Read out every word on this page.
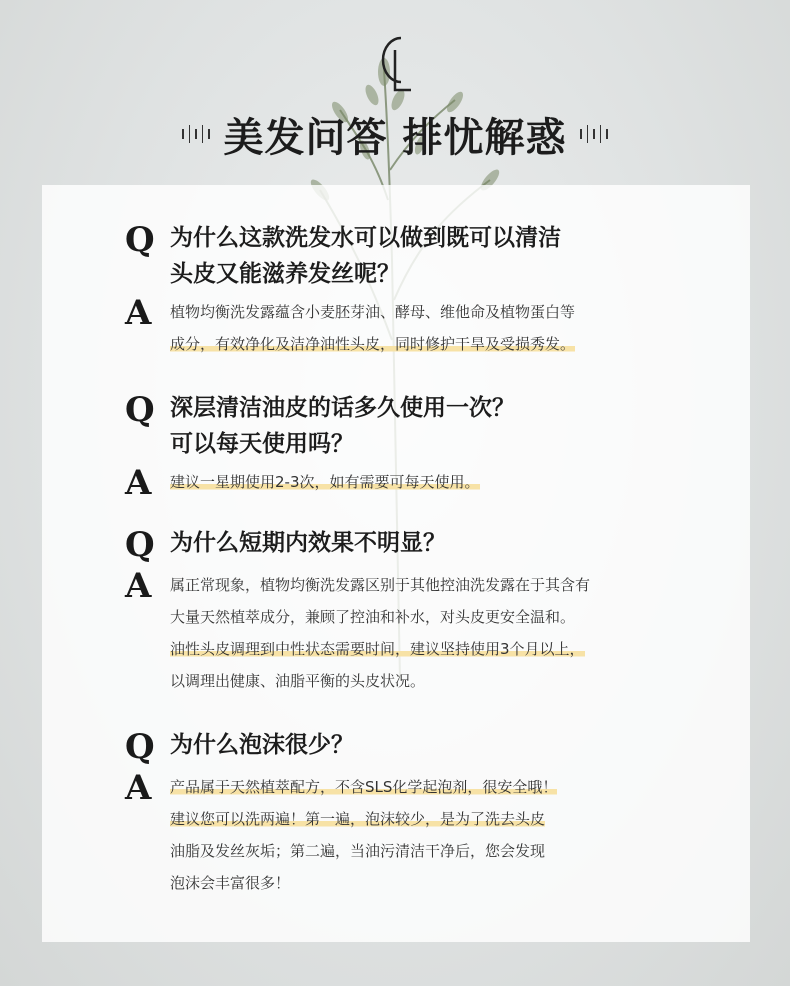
美发问答 排忧解惑
Q 为什么这款洗发水可以做到既可以清洁
头皮又能滋养发丝呢？
A	植物均衡洗发露蕴含小麦胚芽油、酵母、维他命及植物蛋白等
成分，有效净化及洁净油性头皮，同时修护干旱及受损秀发。
Q 深层清洁油皮的话多久使用一次？
可以每天使用吗？
A	建议一星期使用2-3次，如有需要可每天使用。
Q 为什么短期内效果不明显？
A	属正常现象，植物均衡洗发露区别于其他控油洗发露在于其含有
大量天然植萃成分，兼顾了控油和补水，对头皮更安全温和。
油性头皮调理到中性状态需要时间，建议坚持使用3个月以上，
以调理出健康、油脂平衡的头皮状况。
Q 为什么泡沫很少？
A	产品属于天然植萃配方，不含SLS化学起泡剂，很安全哦！
建议您可以洗两遍！第一遍，泡沫较少，是为了洗去头皮
油脂及发丝灰垢；第二遍，当油污清洁干净后，您会发现
泡沫会丰富很多！
